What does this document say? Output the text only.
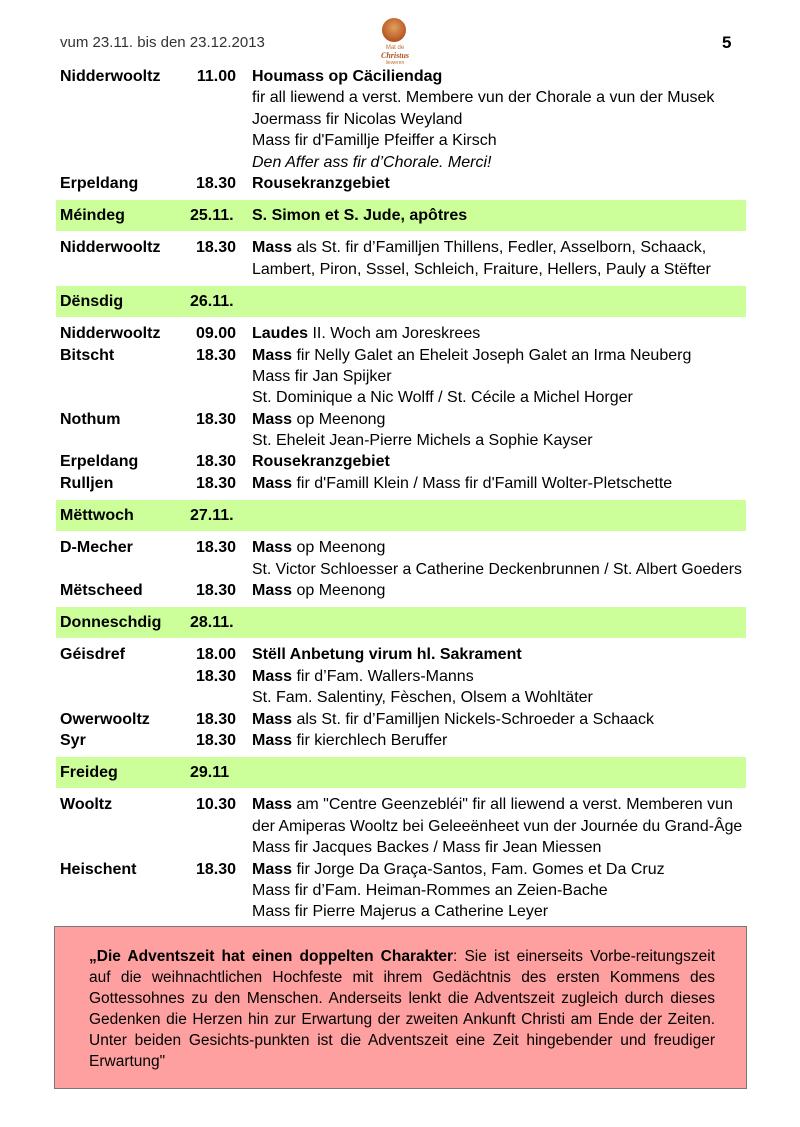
vum 23.11. bis den 23.12.2013	Mat de
Christus
lieweren
5
Nidderwooltz 11.00 Houmass op Cäciliendag
fir all liewend a verst. Membere vun der Chorale a vun der Musek
Joermass fir Nicolas Weyland
Mass fir d'Famillje Pfeiffer a Kirsch
Den Affer ass fir d’Chorale. Merci!
Erpeldang	18.30 Rousekranzgebiet
Méindeg	25.11. S. Simon et S. Jude, apôtres
Nidderwooltz 18.30 Mass als St. fir d’Familljen Thillens, Fedler, Asselborn, Schaack,
Lambert, Piron, Sssel, Schleich, Fraiture, Hellers, Pauly a Stëfter
Dënsdig	26.11.
Nidderwooltz 09.00 Laudes II. Woch am Joreskrees
Bitscht	18.30 Mass fir Nelly Galet an Eheleit Joseph Galet an Irma Neuberg
Mass fir Jan Spijker
St. Dominique a Nic Wolff / St. Cécile a Michel Horger
Nothum	18.30 Mass op Meenong
St. Eheleit Jean-Pierre Michels a Sophie Kayser
Erpeldang	18.30 Rousekranzgebiet
Rulljen	18.30 Mass fir d'Famill Klein / Mass fir d'Famill Wolter-Pletschette
Mëttwoch	27.11.
D-Mecher	18.30 Mass op Meenong
St. Victor Schloesser a Catherine Deckenbrunnen / St. Albert Goeders
Mëtscheed	18.30 Mass op Meenong
Donneschdig 28.11.
Géisdref	18.00 Stëll Anbetung virum hl. Sakrament
18.30 Mass fir d’Fam. Wallers-Manns
St. Fam. Salentiny, Fèschen, Olsem a Wohltäter
Owerwooltz	18.30 Mass als St. fir d’Familljen Nickels-Schroeder a Schaack
Syr	18.30 Mass fir kierchlech Beruffer
Freideg	29.11
Wooltz	10.30 Mass am "Centre Geenzebléi" fir all liewend a verst. Memberen vun
der Amiperas Wooltz bei Geleeënheet vun der Journée du Grand-Âge
Mass fir Jacques Backes / Mass fir Jean Miessen
Heischent	18.30 Mass fir Jorge Da Graça-Santos, Fam. Gomes et Da Cruz
Mass fir d’Fam. Heiman-Rommes an Zeien-Bache
Mass fir Pierre Majerus a Catherine Leyer
„Die Adventszeit hat einen doppelten Charakter: Sie ist einerseits Vorbe-reitungszeit auf die weihnachtlichen Hochfeste mit ihrem Gedächtnis des ersten Kommens des Gottessohnes zu den Menschen. Anderseits lenkt die Adventszeit zugleich durch dieses Gedenken die Herzen hin zur Erwartung der zweiten Ankunft Christi am Ende der Zeiten. Unter beiden Gesichts-punkten ist die Adventszeit eine Zeit hingebender und freudiger Erwartung"
